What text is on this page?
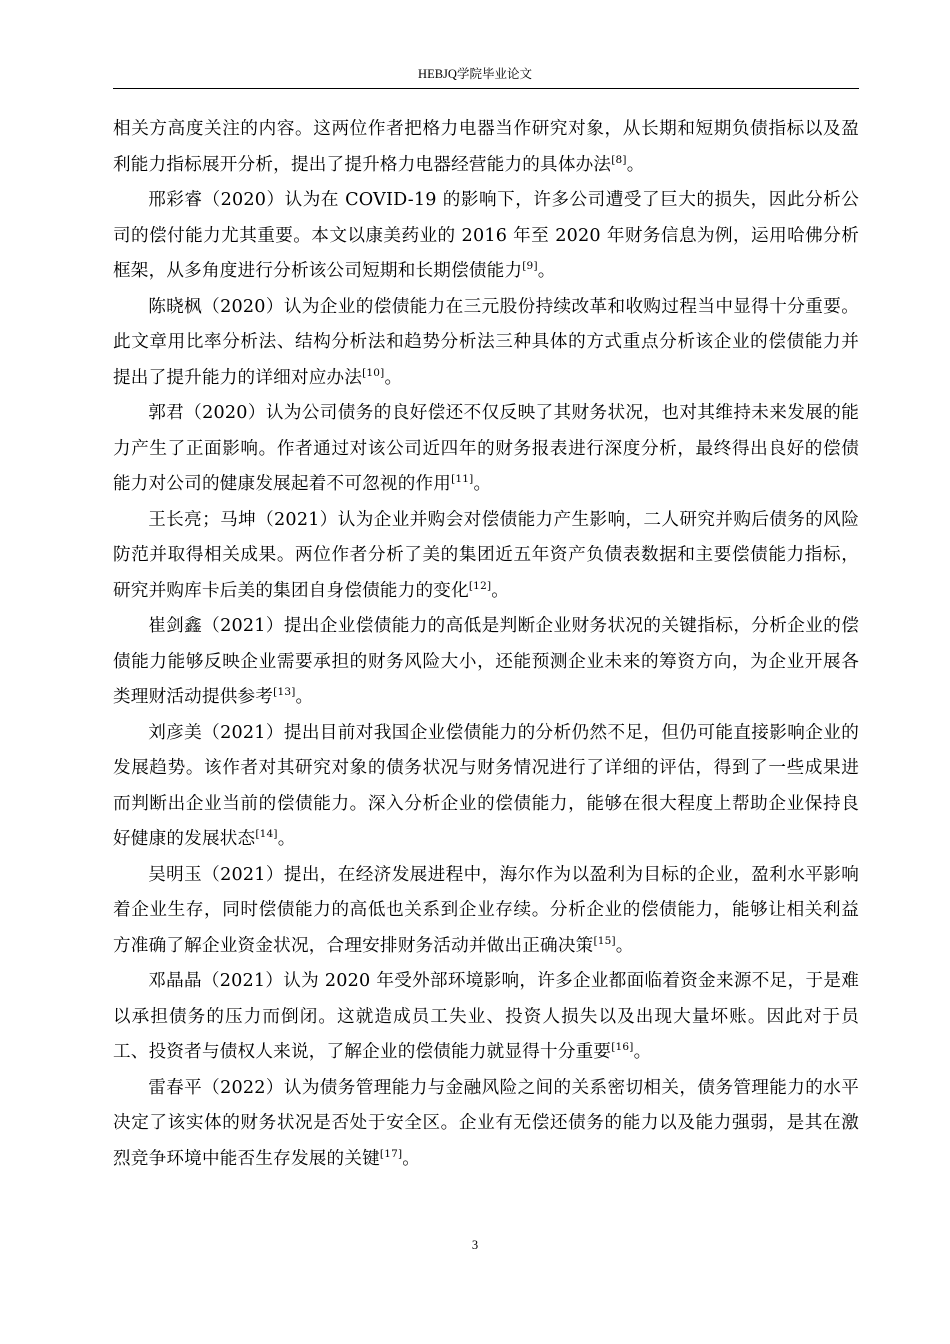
HEBJQ学院毕业论文

相关方高度关注的内容。这两位作者把格力电器当作研究对象，从长期和短期负债指标以及盈利能力指标展开分析，提出了提升格力电器经营能力的具体办法[8]。

邢彩睿（2020）认为在 COVID-19 的影响下，许多公司遭受了巨大的损失，因此分析公司的偿付能力尤其重要。本文以康美药业的 2016 年至 2020 年财务信息为例，运用哈佛分析框架，从多角度进行分析该公司短期和长期偿债能力[9]。

陈晓枫（2020）认为企业的偿债能力在三元股份持续改革和收购过程当中显得十分重要。此文章用比率分析法、结构分析法和趋势分析法三种具体的方式重点分析该企业的偿债能力并提出了提升能力的详细对应办法[10]。

郭君（2020）认为公司债务的良好偿还不仅反映了其财务状况，也对其维持未来发展的能力产生了正面影响。作者通过对该公司近四年的财务报表进行深度分析，最终得出良好的偿债能力对公司的健康发展起着不可忽视的作用[11]。

王长亮；马坤（2021）认为企业并购会对偿债能力产生影响，二人研究并购后债务的风险防范并取得相关成果。两位作者分析了美的集团近五年资产负债表数据和主要偿债能力指标，研究并购库卡后美的集团自身偿债能力的变化[12]。

崔剑鑫（2021）提出企业偿债能力的高低是判断企业财务状况的关键指标，分析企业的偿债能力能够反映企业需要承担的财务风险大小，还能预测企业未来的筹资方向，为企业开展各类理财活动提供参考[13]。

刘彦美（2021）提出目前对我国企业偿债能力的分析仍然不足，但仍可能直接影响企业的发展趋势。该作者对其研究对象的债务状况与财务情况进行了详细的评估，得到了一些成果进而判断出企业当前的偿债能力。深入分析企业的偿债能力，能够在很大程度上帮助企业保持良好健康的发展状态[14]。

吴明玉（2021）提出，在经济发展进程中，海尔作为以盈利为目标的企业，盈利水平影响着企业生存，同时偿债能力的高低也关系到企业存续。分析企业的偿债能力，能够让相关利益方准确了解企业资金状况，合理安排财务活动并做出正确决策[15]。

邓晶晶（2021）认为 2020 年受外部环境影响，许多企业都面临着资金来源不足，于是难以承担债务的压力而倒闭。这就造成员工失业、投资人损失以及出现大量坏账。因此对于员工、投资者与债权人来说，了解企业的偿债能力就显得十分重要[16]。

雷春平（2022）认为债务管理能力与金融风险之间的关系密切相关，债务管理能力的水平决定了该实体的财务状况是否处于安全区。企业有无偿还债务的能力以及能力强弱，是其在激烈竞争环境中能否生存发展的关键[17]。

3
